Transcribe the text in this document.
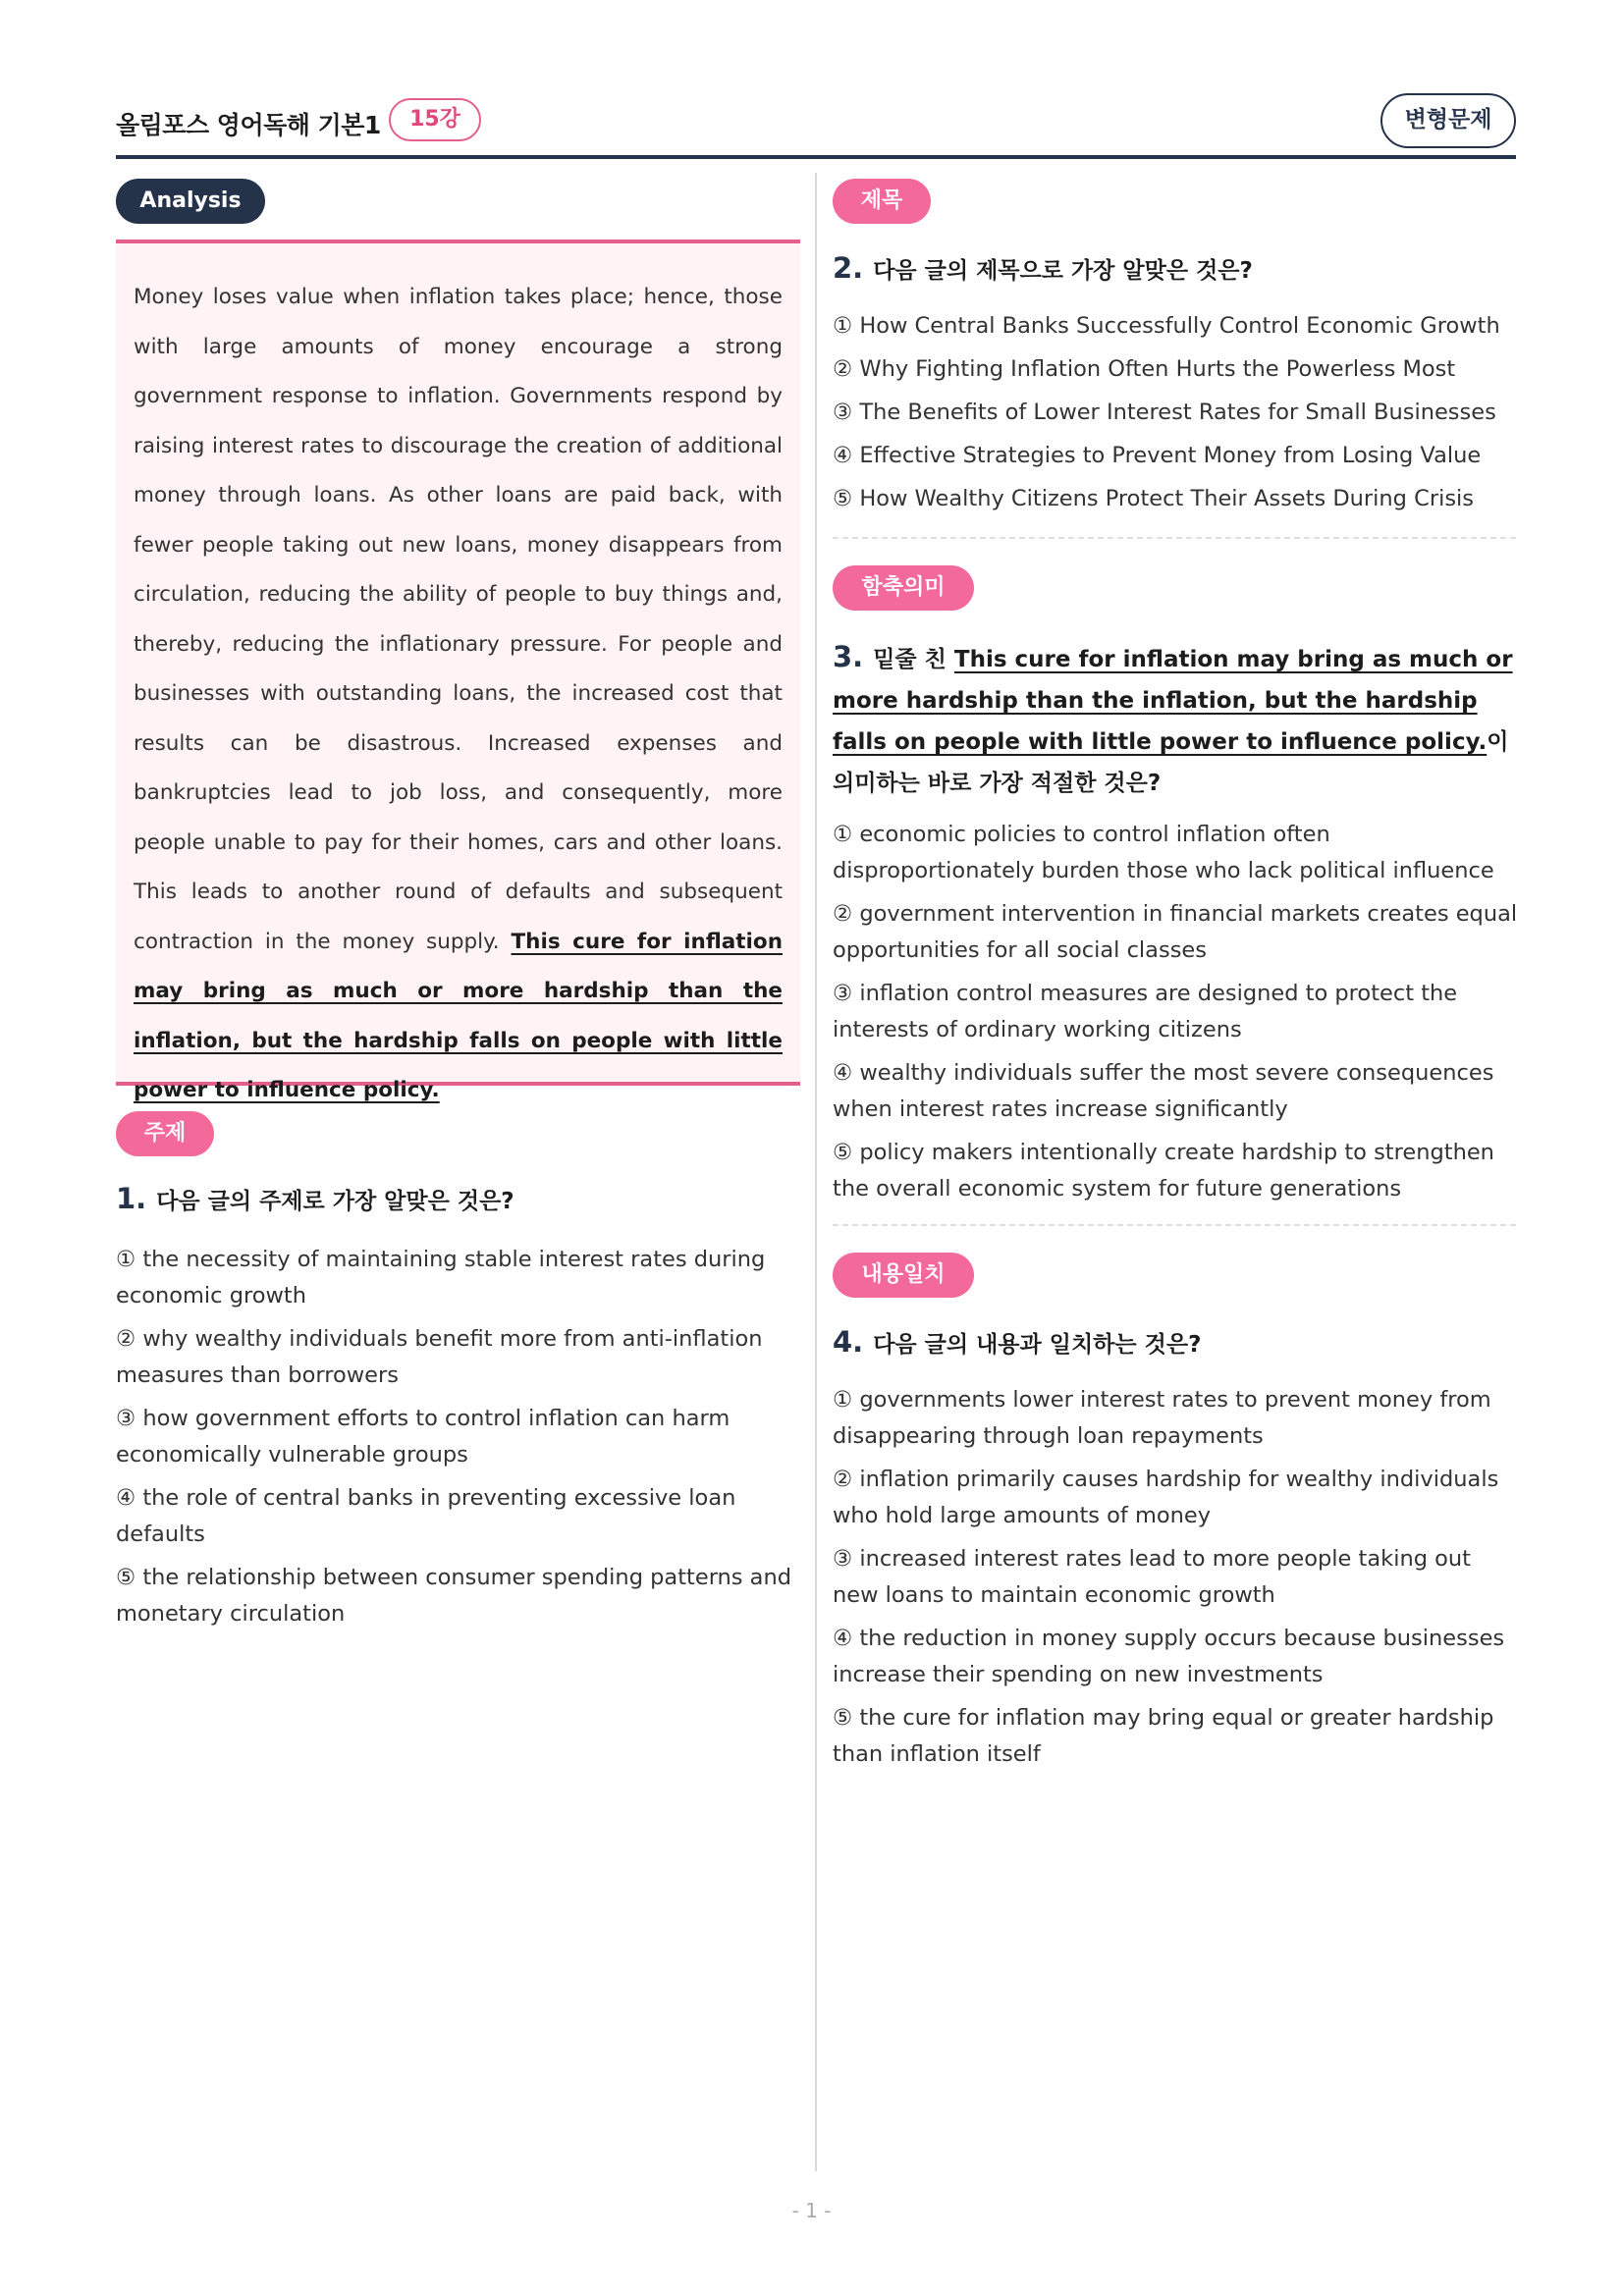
올림포스 영어독해 기본1	15강	변형문제
Analysis

Money loses value when inflation takes place; hence, those with large amounts of money encourage a strong government response to inflation. Governments respond by raising interest rates to discourage the creation of additional money through loans. As other loans are paid back, with fewer people taking out new loans, money disappears from circulation, reducing the ability of people to buy things and, thereby, reducing the inflationary pressure. For people and businesses with outstanding loans, the increased cost that results can be disastrous. Increased expenses and bankruptcies lead to job loss, and consequently, more people unable to pay for their homes, cars and other loans. This leads to another round of defaults and subsequent contraction in the money supply. This cure for inflation may bring as much or more hardship than the inflation, but the hardship falls on people with little power to influence policy.

주제
1. 다음 글의 주제로 가장 알맞은 것은?
① the necessity of maintaining stable interest rates during economic growth
② why wealthy individuals benefit more from anti-inflation measures than borrowers
③ how government efforts to control inflation can harm economically vulnerable groups
④ the role of central banks in preventing excessive loan defaults
⑤ the relationship between consumer spending patterns and monetary circulation
제목
2. 다음 글의 제목으로 가장 알맞은 것은?
① How Central Banks Successfully Control Economic Growth
② Why Fighting Inflation Often Hurts the Powerless Most
③ The Benefits of Lower Interest Rates for Small Businesses
④ Effective Strategies to Prevent Money from Losing Value
⑤ How Wealthy Citizens Protect Their Assets During Crisis
함축의미
3. 밑줄 친 This cure for inflation may bring as much or more hardship than the inflation, but the hardship falls on people with little power to influence policy.이 의미하는 바로 가장 적절한 것은?
① economic policies to control inflation often disproportionately burden those who lack political influence
② government intervention in financial markets creates equal opportunities for all social classes
③ inflation control measures are designed to protect the interests of ordinary working citizens
④ wealthy individuals suffer the most severe consequences when interest rates increase significantly
⑤ policy makers intentionally create hardship to strengthen the overall economic system for future generations
내용일치
4. 다음 글의 내용과 일치하는 것은?
① governments lower interest rates to prevent money from disappearing through loan repayments
② inflation primarily causes hardship for wealthy individuals who hold large amounts of money
③ increased interest rates lead to more people taking out new loans to maintain economic growth
④ the reduction in money supply occurs because businesses increase their spending on new investments
⑤ the cure for inflation may bring equal or greater hardship than inflation itself
- 1 -
